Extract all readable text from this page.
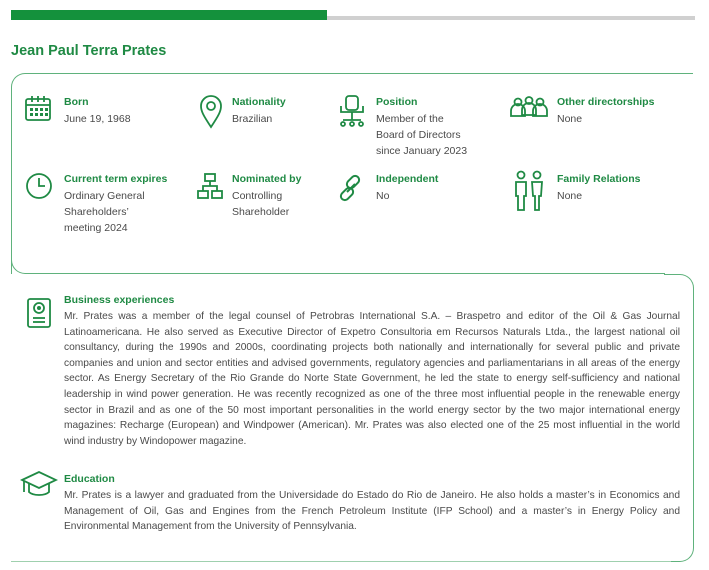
Jean Paul Terra Prates
Born
June 19, 1968
Nationality
Brazilian
Position
Member of the
Board of Directors
since January 2023
Other directorships
None
Current term expires
Ordinary General
Shareholders’
meeting 2024
Nominated by
Controlling
Shareholder
Independent
No
Family Relations
None
Business experiences
Mr. Prates was a member of the legal counsel of Petrobras International S.A. – Braspetro and editor of the Oil & Gas Journal Latinoamericana. He also served as Executive Director of Expetro Consultoria em Recursos Naturals Ltda., the largest national oil consultancy, during the 1990s and 2000s, coordinating projects both nationally and internationally for several public and private companies and union and sector entities and advised governments, regulatory agencies and parliamentarians in all areas of the energy sector. As Energy Secretary of the Rio Grande do Norte State Government, he led the state to energy self-sufficiency and national leadership in wind power generation. He was recently recognized as one of the three most influential people in the renewable energy sector in Brazil and as one of the 50 most important personalities in the world energy sector by the two major international energy magazines: Recharge (European) and Windpower (American). Mr. Prates was also elected one of the 25 most influential in the world wind industry by Windopower magazine.
Education
Mr. Prates is a lawyer and graduated from the Universidade do Estado do Rio de Janeiro. He also holds a master’s in Economics and Management of Oil, Gas and Engines from the French Petroleum Institute (IFP School) and a master’s in Energy Policy and Environmental Management from the University of Pennsylvania.
